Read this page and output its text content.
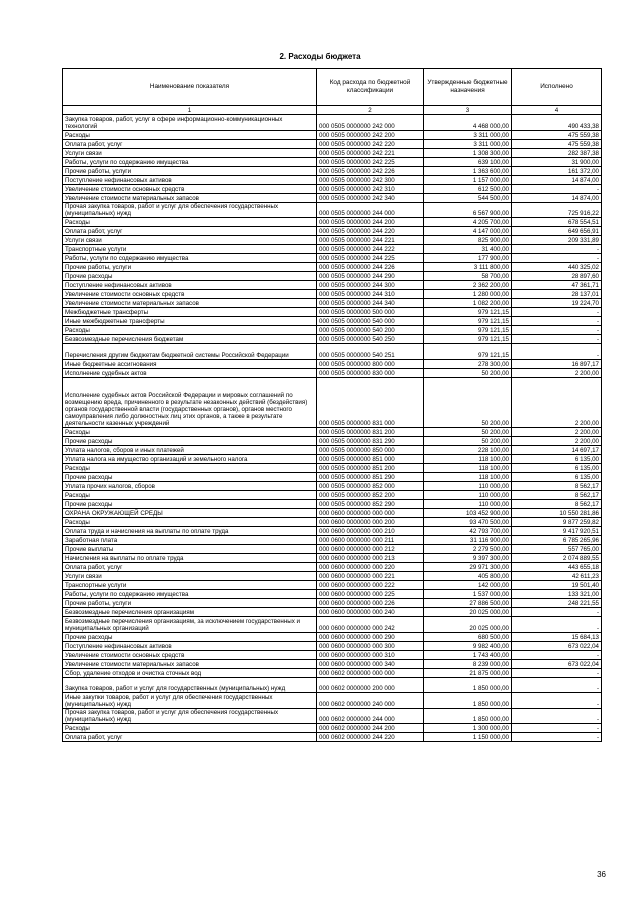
2. Расходы бюджета
Наименование показателя	Код расхода по бюджетной классификации	Утвержденные бюджетные назначения	Исполнено
1	2	3	4
Закупка товаров, работ, услуг в сфере информационно-коммуникационных технологий	000 0505 0000000 242 000	4 468 000,00	490 433,38
Расходы	000 0505 0000000 242 200	3 311 000,00	475 559,38
Оплата работ, услуг	000 0505 0000000 242 220	3 311 000,00	475 559,38
Услуги связи	000 0505 0000000 242 221	1 308 300,00	282 387,38
Работы, услуги по содержанию имущества	000 0505 0000000 242 225	639 100,00	31 900,00
Прочие работы, услуги	000 0505 0000000 242 226	1 363 600,00	161 372,00
Поступление нефинансовых активов	000 0505 0000000 242 300	1 157 000,00	14 874,00
Увеличение стоимости основных средств	000 0505 0000000 242 310	612 500,00	-
Увеличение стоимости материальных запасов	000 0505 0000000 242 340	544 500,00	14 874,00
Прочая закупка товаров, работ и услуг для обеспечения государственных (муниципальных) нужд	000 0505 0000000 244 000	6 567 900,00	725 916,22
Расходы	000 0505 0000000 244 200	4 205 700,00	678 554,51
Оплата работ, услуг	000 0505 0000000 244 220	4 147 000,00	649 656,91
Услуги связи	000 0505 0000000 244 221	825 900,00	209 331,89
Транспортные услуги	000 0505 0000000 244 222	31 400,00	-
Работы, услуги по содержанию имущества	000 0505 0000000 244 225	177 900,00	-
Прочие работы, услуги	000 0505 0000000 244 226	3 111 800,00	440 325,02
Прочие расходы	000 0505 0000000 244 290	58 700,00	28 897,60
Поступление нефинансовых активов	000 0505 0000000 244 300	2 362 200,00	47 361,71
Увеличение стоимости основных средств	000 0505 0000000 244 310	1 280 000,00	28 137,01
Увеличение стоимости материальных запасов	000 0505 0000000 244 340	1 082 200,00	19 224,70
Межбюджетные трансферты	000 0505 0000000 500 000	979 121,15	-
Иные межбюджетные трансферты	000 0505 0000000 540 000	979 121,15	-
Расходы	000 0505 0000000 540 200	979 121,15	-
Безвозмездные перечисления бюджетам	000 0505 0000000 540 250	979 121,15	-
Перечисления другим бюджетам бюджетной системы Российской Федерации	000 0505 0000000 540 251	979 121,15	-
Иные бюджетные ассигнования	000 0505 0000000 800 000	278 300,00	16 897,17
Исполнение судебных актов	000 0505 0000000 830 000	50 200,00	2 200,00
Исполнение судебных актов Российской Федерации и мировых соглашений по возмещению вреда, причиненного в результате незаконных действий (бездействия) органов государственной власти (государственных органов), органов местного самоуправления либо должностных лиц этих органов, а также в результате деятельности казенных учреждений	000 0505 0000000 831 000	50 200,00	2 200,00
Расходы	000 0505 0000000 831 200	50 200,00	2 200,00
Прочие расходы	000 0505 0000000 831 290	50 200,00	2 200,00
Уплата налогов, сборов и иных платежей	000 0505 0000000 850 000	228 100,00	14 697,17
Уплата налога на имущество организаций и земельного налога	000 0505 0000000 851 000	118 100,00	6 135,00
Расходы	000 0505 0000000 851 200	118 100,00	6 135,00
Прочие расходы	000 0505 0000000 851 290	118 100,00	6 135,00
Уплата прочих налогов, сборов	000 0505 0000000 852 000	110 000,00	8 562,17
Расходы	000 0505 0000000 852 200	110 000,00	8 562,17
Прочие расходы	000 0505 0000000 852 290	110 000,00	8 562,17
ОХРАНА ОКРУЖАЮЩЕЙ СРЕДЫ	000 0600 0000000 000 000	103 452 900,00	10 550 281,86
Расходы	000 0600 0000000 000 200	93 470 500,00	9 877 259,82
Оплата труда и начисления на выплаты по оплате труда	000 0600 0000000 000 210	42 793 700,00	9 417 920,51
Заработная плата	000 0600 0000000 000 211	31 116 900,00	6 785 265,96
Прочие выплаты	000 0600 0000000 000 212	2 279 500,00	557 765,00
Начисления на выплаты по оплате труда	000 0600 0000000 000 213	9 397 300,00	2 074 889,55
Оплата работ, услуг	000 0600 0000000 000 220	29 971 300,00	443 655,18
Услуги связи	000 0600 0000000 000 221	405 800,00	42 611,23
Транспортные услуги	000 0600 0000000 000 222	142 000,00	19 501,40
Работы, услуги по содержанию имущества	000 0600 0000000 000 225	1 537 000,00	133 321,00
Прочие работы, услуги	000 0600 0000000 000 226	27 886 500,00	248 221,55
Безвозмездные перечисления организациям	000 0600 0000000 000 240	20 025 000,00	-
Безвозмездные перечисления организациям, за исключением государственных и муниципальных организаций	000 0600 0000000 000 242	20 025 000,00	-
Прочие расходы	000 0600 0000000 000 290	680 500,00	15 684,13
Поступление нефинансовых активов	000 0600 0000000 000 300	9 982 400,00	673 022,04
Увеличение стоимости основных средств	000 0600 0000000 000 310	1 743 400,00	-
Увеличение стоимости материальных запасов	000 0600 0000000 000 340	8 239 000,00	673 022,04
Сбор, удаление отходов и очистка сточных вод	000 0602 0000000 000 000	21 875 000,00	-
Закупка товаров, работ и услуг для государственных (муниципальных) нужд	000 0602 0000000 200 000	1 850 000,00	-
Иные закупки товаров, работ и услуг для обеспечения государственных (муниципальных) нужд	000 0602 0000000 240 000	1 850 000,00	-
Прочая закупка товаров, работ и услуг для обеспечения государственных (муниципальных) нужд	000 0602 0000000 244 000	1 850 000,00	-
Расходы	000 0602 0000000 244 200	1 300 000,00	-
Оплата работ, услуг	000 0602 0000000 244 220	1 150 000,00	-
36
